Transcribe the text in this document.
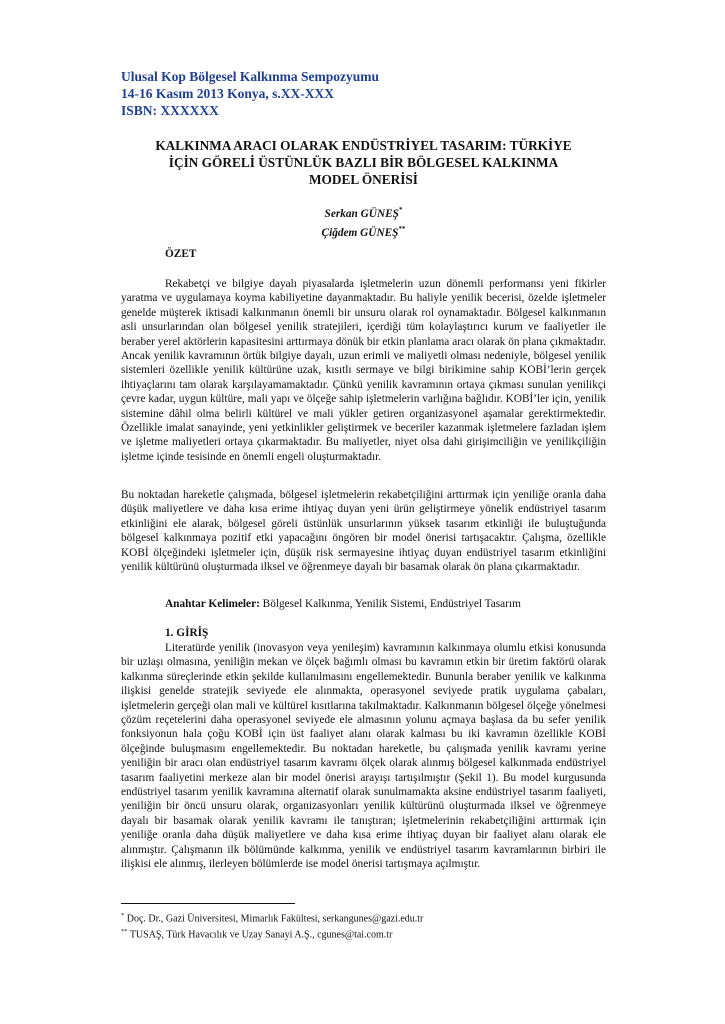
Ulusal Kop Bölgesel Kalkınma Sempozyumu
14-16 Kasım 2013 Konya, s.XX-XXX
ISBN: XXXXXX
KALKINMA ARACI OLARAK ENDÜSTRİYEL TASARIM: TÜRKİYE
İÇİN GÖRELİ ÜSTÜNLÜK BAZLI BİR BÖLGESEL KALKINMA
MODEL ÖNERİSİ
Serkan GÜNEŞ*
Çiğdem GÜNEŞ**
ÖZET

Rekabetçi ve bilgiye dayalı piyasalarda işletmelerin uzun dönemli performansı yeni fikirler yaratma ve uygulamaya koyma kabiliyetine dayanmaktadır. Bu haliyle yenilik becerisi, özelde işletmeler genelde müşterek iktisadi kalkınmanın önemli bir unsuru olarak rol oynamaktadır. Bölgesel kalkınmanın asli unsurlarından olan bölgesel yenilik stratejileri, içerdiği tüm kolaylaştırıcı kurum ve faaliyetler ile beraber yerel aktörlerin kapasitesini arttırmaya dönük bir etkin planlama aracı olarak ön plana çıkmaktadır. Ancak yenilik kavramının örtük bilgiye dayalı, uzun erimli ve maliyetli olması nedeniyle, bölgesel yenilik sistemleri özellikle yenilik kültürüne uzak, kısıtlı sermaye ve bilgi birikimine sahip KOBİ’lerin gerçek ihtiyaçlarını tam olarak karşılayamamaktadır. Çünkü yenilik kavramının ortaya çıkması sunulan yenilikçi çevre kadar, uygun kültüre, mali yapı ve ölçeğe sahip işletmelerin varlığına bağlıdır. KOBİ’ler için, yenilik sistemine dâhil olma belirli kültürel ve mali yükler getiren organizasyonel aşamalar gerektirmektedir. Özellikle imalat sanayinde, yeni yetkinlikler geliştirmek ve beceriler kazanmak işletmelere fazladan işlem ve işletme maliyetleri ortaya çıkarmaktadır. Bu maliyetler, niyet olsa dahi girişimciliğin ve yenilikçiliğin işletme içinde tesisinde en önemli engeli oluşturmaktadır.

Bu noktadan hareketle çalışmada, bölgesel işletmelerin rekabetçiliğini arttırmak için yeniliğe oranla daha düşük maliyetlere ve daha kısa erime ihtiyaç duyan yeni ürün geliştirmeye yönelik endüstriyel tasarım etkinliğini ele alarak, bölgesel göreli üstünlük unsurlarının yüksek tasarım etkinliği ile buluştuğunda bölgesel kalkınmaya pozitif etki yapacağını öngören bir model önerisi tartışacaktır. Çalışma, özellikle KOBİ ölçeğindeki işletmeler için, düşük risk sermayesine ihtiyaç duyan endüstriyel tasarım etkinliğini yenilik kültürünü oluşturmada ilksel ve öğrenmeye dayalı bir basamak olarak ön plana çıkarmaktadır.

Anahtar Kelimeler: Bölgesel Kalkınma, Yenilik Sistemi, Endüstriyel Tasarım
1. GİRİŞ

Literatürde yenilik (inovasyon veya yenileşim) kavramının kalkınmaya olumlu etkisi konusunda bir uzlaşı olmasına, yeniliğin mekan ve ölçek bağımlı olması bu kavramın etkin bir üretim faktörü olarak kalkınma süreçlerinde etkin şekilde kullanılmasını engellemektedir. Bununla beraber yenilik ve kalkınma ilişkisi genelde stratejik seviyede ele alınmakta, operasyonel seviyede pratik uygulama çabaları, işletmelerin gerçeği olan mali ve kültürel kısıtlarına takılmaktadır. Kalkınmanın bölgesel ölçeğe yönelmesi çözüm reçetelerini daha operasyonel seviyede ele almasının yolunu açmaya başlasa da bu sefer yenilik fonksiyonun hala çoğu KOBİ için üst faaliyet alanı olarak kalması bu iki kavramın özellikle KOBİ ölçeğinde buluşmasını engellemektedir. Bu noktadan hareketle, bu çalışmada yenilik kavramı yerine yeniliğin bir aracı olan endüstriyel tasarım kavramı ölçek olarak alınmış bölgesel kalkınmada endüstriyel tasarım faaliyetini merkeze alan bir model önerisi arayışı tartışılmıştır (Şekil 1). Bu model kurgusunda endüstriyel tasarım yenilik kavramına alternatif olarak sunulmamakta aksine endüstriyel tasarım faaliyeti, yeniliğin bir öncü unsuru olarak, organizasyonları yenilik kültürünü oluşturmada ilksel ve öğrenmeye dayalı bir basamak olarak yenilik kavramı ile tanıştıran; işletmelerinin rekabetçiliğini arttırmak için yeniliğe oranla daha düşük maliyetlere ve daha kısa erime ihtiyaç duyan bir faaliyet alanı olarak ele alınmıştır. Çalışmanın ilk bölümünde kalkınma, yenilik ve endüstriyel tasarım kavramlarının birbiri ile ilişkisi ele alınmış, ilerleyen bölümlerde ise model önerisi tartışmaya açılmıştır.

* Doç. Dr., Gazi Üniversitesi, Mimarlık Fakültesi, serkangunes@gazi.edu.tr
** TUSAŞ, Türk Havacılık ve Uzay Sanayi A.Ş., cgunes@tai.com.tr
